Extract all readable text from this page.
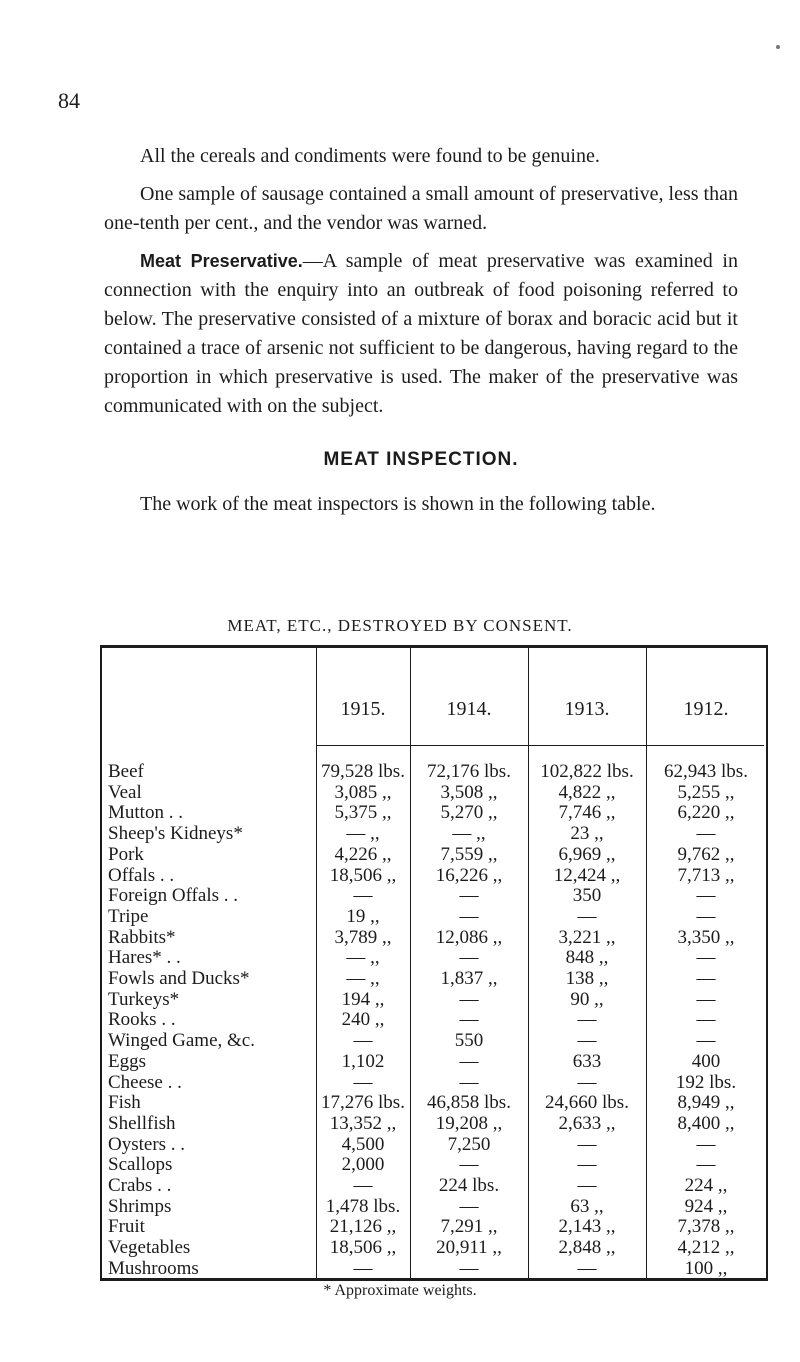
84

All the cereals and condiments were found to be genuine.

One sample of sausage contained a small amount of preservative, less than one-tenth per cent., and the vendor was warned.

Meat Preservative.—A sample of meat preservative was examined in connection with the enquiry into an outbreak of food poisoning referred to below. The preservative consisted of a mixture of borax and boracic acid but it contained a trace of arsenic not sufficient to be dangerous, having regard to the proportion in which preservative is used. The maker of the preservative was communicated with on the subject.

MEAT INSPECTION.

The work of the meat inspectors is shown in the following table.

MEAT, ETC., DESTROYED BY CONSENT.
1915.	1914.	1913.	1912.
Beef	79,528 lbs.	72,176 lbs.	102,822 lbs.	62,943 lbs.
Veal	3,085 ,,	3,508 ,,	4,822 ,,	5,255 ,,
Mutton . .	5,375 ,,	5,270 ,,	7,746 ,,	6,220 ,,
Sheep's Kidneys*	— ,,	— ,,	23 ,,	—
Pork	4,226 ,,	7,559 ,,	6,969 ,,	9,762 ,,
Offals . .	18,506 ,,	16,226 ,,	12,424 ,,	7,713 ,,
Foreign Offals . .	—	—	350	—
Tripe	19 ,,	—	—	—
Rabbits*	3,789 ,,	12,086 ,,	3,221 ,,	3,350 ,,
Hares* . .	— ,,	—	848 ,,	—
Fowls and Ducks*	— ,,	1,837 ,,	138 ,,	—
Turkeys*	194 ,,	—	90 ,,	—
Rooks . .	240 ,,	—	—	—
Winged Game, &c.	—	550	—	—
Eggs	1,102	—	633	400
Cheese . .	—	—	—	192 lbs.
Fish	17,276 lbs.	46,858 lbs.	24,660 lbs.	8,949 ,,
Shellfish	13,352 ,,	19,208 ,,	2,633 ,,	8,400 ,,
Oysters . .	4,500	7,250	—	—
Scallops	2,000	—	—	—
Crabs . .	—	224 lbs.	—	224 ,,
Shrimps	1,478 lbs.	—	63 ,,	924 ,,
Fruit	21,126 ,,	7,291 ,,	2,143 ,,	7,378 ,,
Vegetables	18,506 ,,	20,911 ,,	2,848 ,,	4,212 ,,
Mushrooms	—	—	—	100 ,,
* Approximate weights.
